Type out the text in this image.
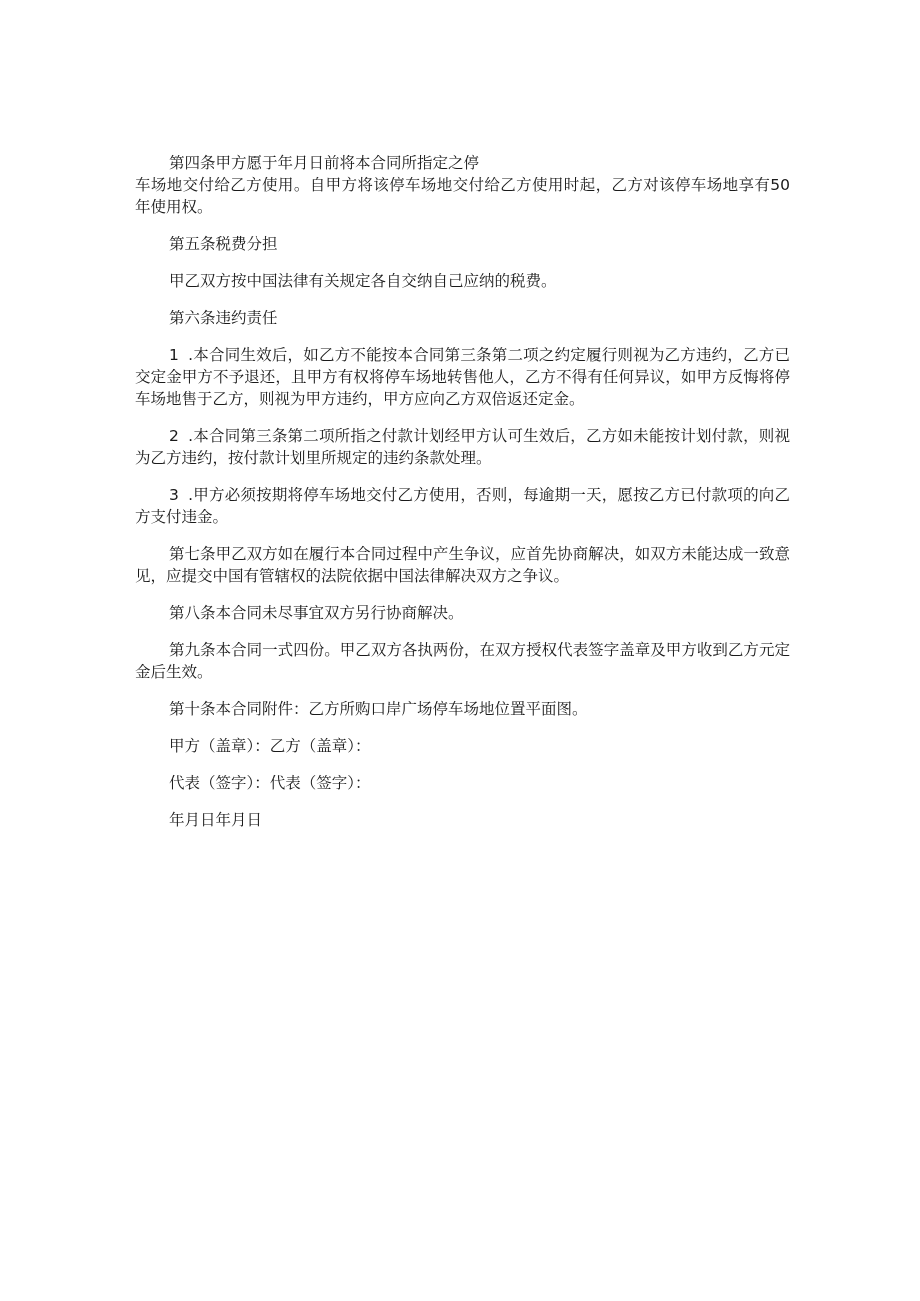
第四条甲方愿于年月日前将本合同所指定之停

车场地交付给乙方使用。自甲方将该停车场地交付给乙方使用时起，乙方对该停车场地享有50年使用权。

第五条税费分担

甲乙双方按中国法律有关规定各自交纳自己应纳的税费。

第六条违约责任

1 .本合同生效后，如乙方不能按本合同第三条第二项之约定履行则视为乙方违约，乙方已交定金甲方不予退还，且甲方有权将停车场地转售他人，乙方不得有任何异议，如甲方反悔将停车场地售于乙方，则视为甲方违约，甲方应向乙方双倍返还定金。

2 .本合同第三条第二项所指之付款计划经甲方认可生效后，乙方如未能按计划付款，则视为乙方违约，按付款计划里所规定的违约条款处理。

3 .甲方必须按期将停车场地交付乙方使用，否则，每逾期一天，愿按乙方已付款项的向乙方支付违金。

第七条甲乙双方如在履行本合同过程中产生争议，应首先协商解决，如双方未能达成一致意见，应提交中国有管辖权的法院依据中国法律解决双方之争议。

第八条本合同未尽事宜双方另行协商解决。

第九条本合同一式四份。甲乙双方各执两份，在双方授权代表签字盖章及甲方收到乙方元定金后生效。

第十条本合同附件：乙方所购口岸广场停车场地位置平面图。

甲方（盖章）：乙方（盖章）：

代表（签字）：代表（签字）：

年月日年月日
